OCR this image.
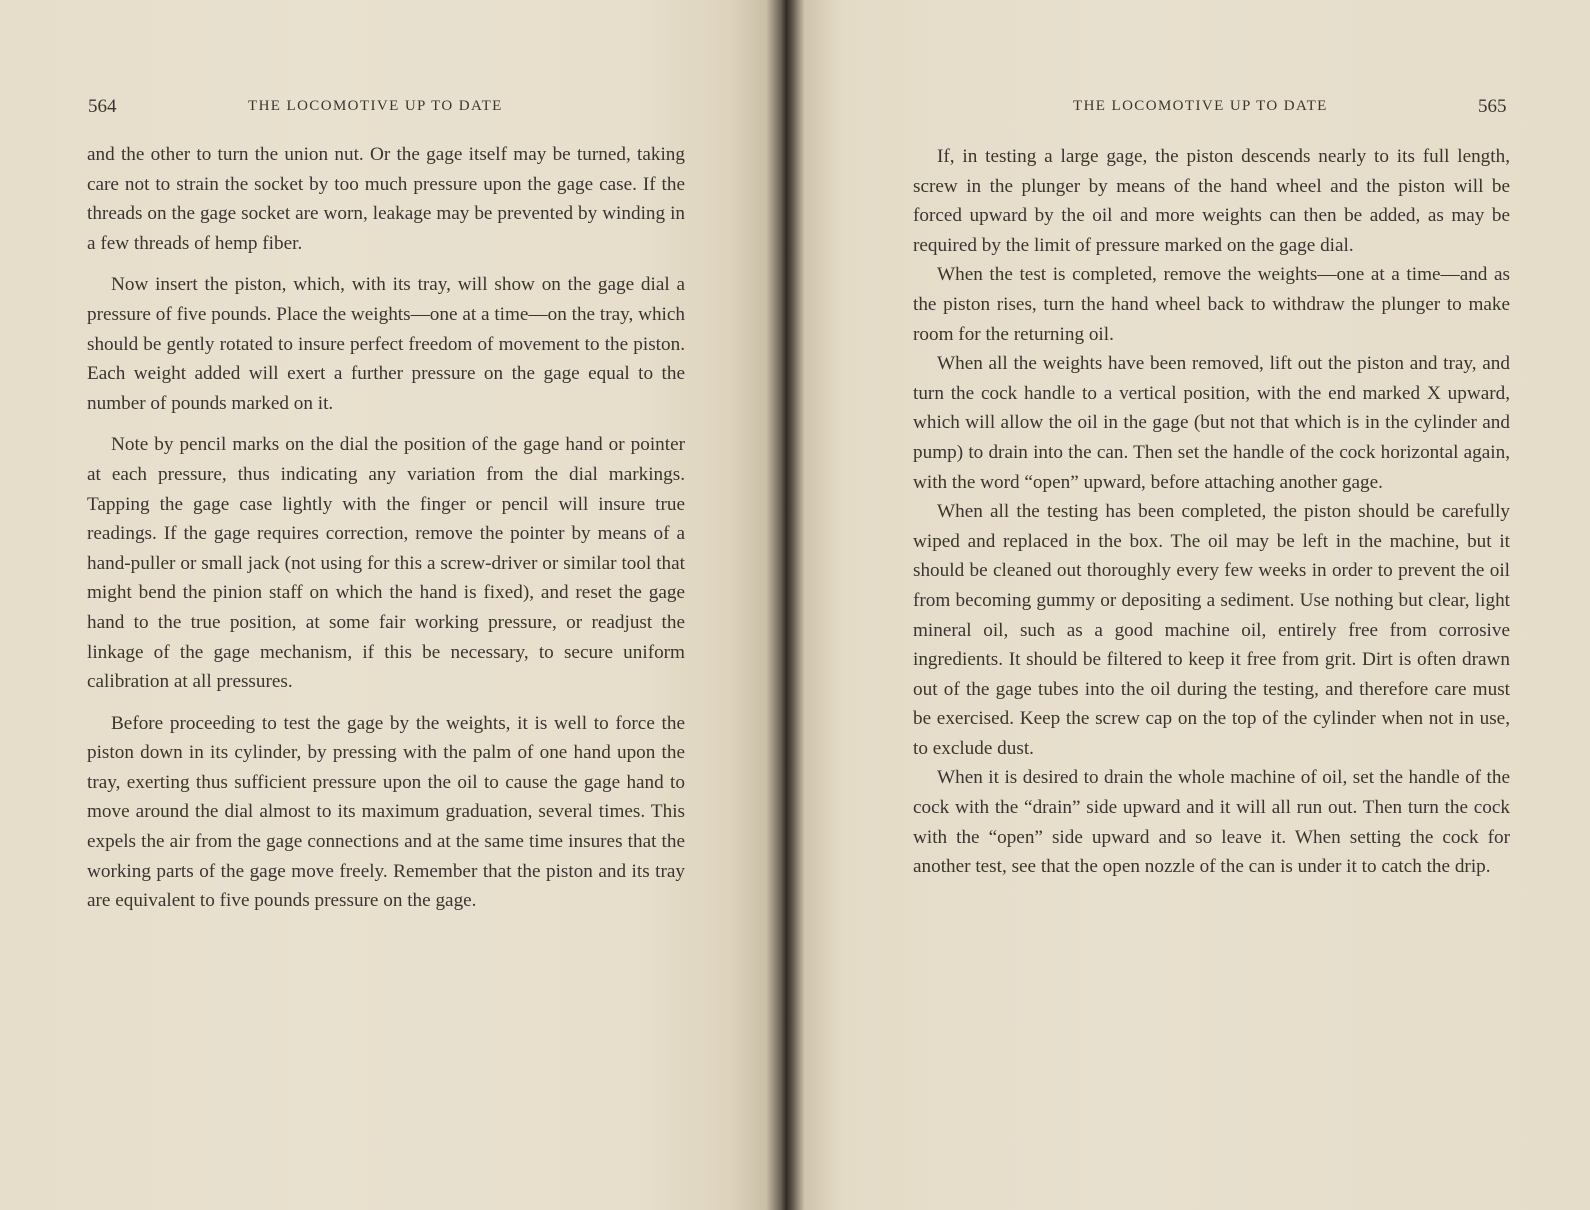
564	THE LOCOMOTIVE UP TO DATE

and the other to turn the union nut. Or the gage itself may be turned, taking care not to strain the socket by too much pressure upon the gage case. If the threads on the gage socket are worn, leakage may be prevented by winding in a few threads of hemp fiber.

Now insert the piston, which, with its tray, will show on the gage dial a pressure of five pounds. Place the weights—one at a time—on the tray, which should be gently rotated to insure perfect freedom of movement to the piston. Each weight added will exert a further pressure on the gage equal to the number of pounds marked on it.

Note by pencil marks on the dial the position of the gage hand or pointer at each pressure, thus indicating any variation from the dial markings. Tapping the gage case lightly with the finger or pencil will insure true readings. If the gage requires correction, remove the pointer by means of a hand-puller or small jack (not using for this a screw-driver or similar tool that might bend the pinion staff on which the hand is fixed), and reset the gage hand to the true position, at some fair working pressure, or readjust the linkage of the gage mechanism, if this be necessary, to secure uniform calibration at all pressures.

Before proceeding to test the gage by the weights, it is well to force the piston down in its cylinder, by pressing with the palm of one hand upon the tray, exerting thus sufficient pressure upon the oil to cause the gage hand to move around the dial almost to its maximum graduation, several times. This expels the air from the gage connections and at the same time insures that the working parts of the gage move freely. Remember that the piston and its tray are equivalent to five pounds pressure on the gage.

THE LOCOMOTIVE UP TO DATE	565

If, in testing a large gage, the piston descends nearly to its full length, screw in the plunger by means of the hand wheel and the piston will be forced upward by the oil and more weights can then be added, as may be required by the limit of pressure marked on the gage dial.

When the test is completed, remove the weights—one at a time—and as the piston rises, turn the hand wheel back to withdraw the plunger to make room for the returning oil.

When all the weights have been removed, lift out the piston and tray, and turn the cock handle to a vertical position, with the end marked X upward, which will allow the oil in the gage (but not that which is in the cylinder and pump) to drain into the can. Then set the handle of the cock horizontal again, with the word “open” upward, before attaching another gage.

When all the testing has been completed, the piston should be carefully wiped and replaced in the box. The oil may be left in the machine, but it should be cleaned out thoroughly every few weeks in order to prevent the oil from becoming gummy or depositing a sediment. Use nothing but clear, light mineral oil, such as a good machine oil, entirely free from corrosive ingredients. It should be filtered to keep it free from grit. Dirt is often drawn out of the gage tubes into the oil during the testing, and therefore care must be exercised. Keep the screw cap on the top of the cylinder when not in use, to exclude dust.

When it is desired to drain the whole machine of oil, set the handle of the cock with the “drain” side upward and it will all run out. Then turn the cock with the “open” side upward and so leave it. When setting the cock for another test, see that the open nozzle of the can is under it to catch the drip.
